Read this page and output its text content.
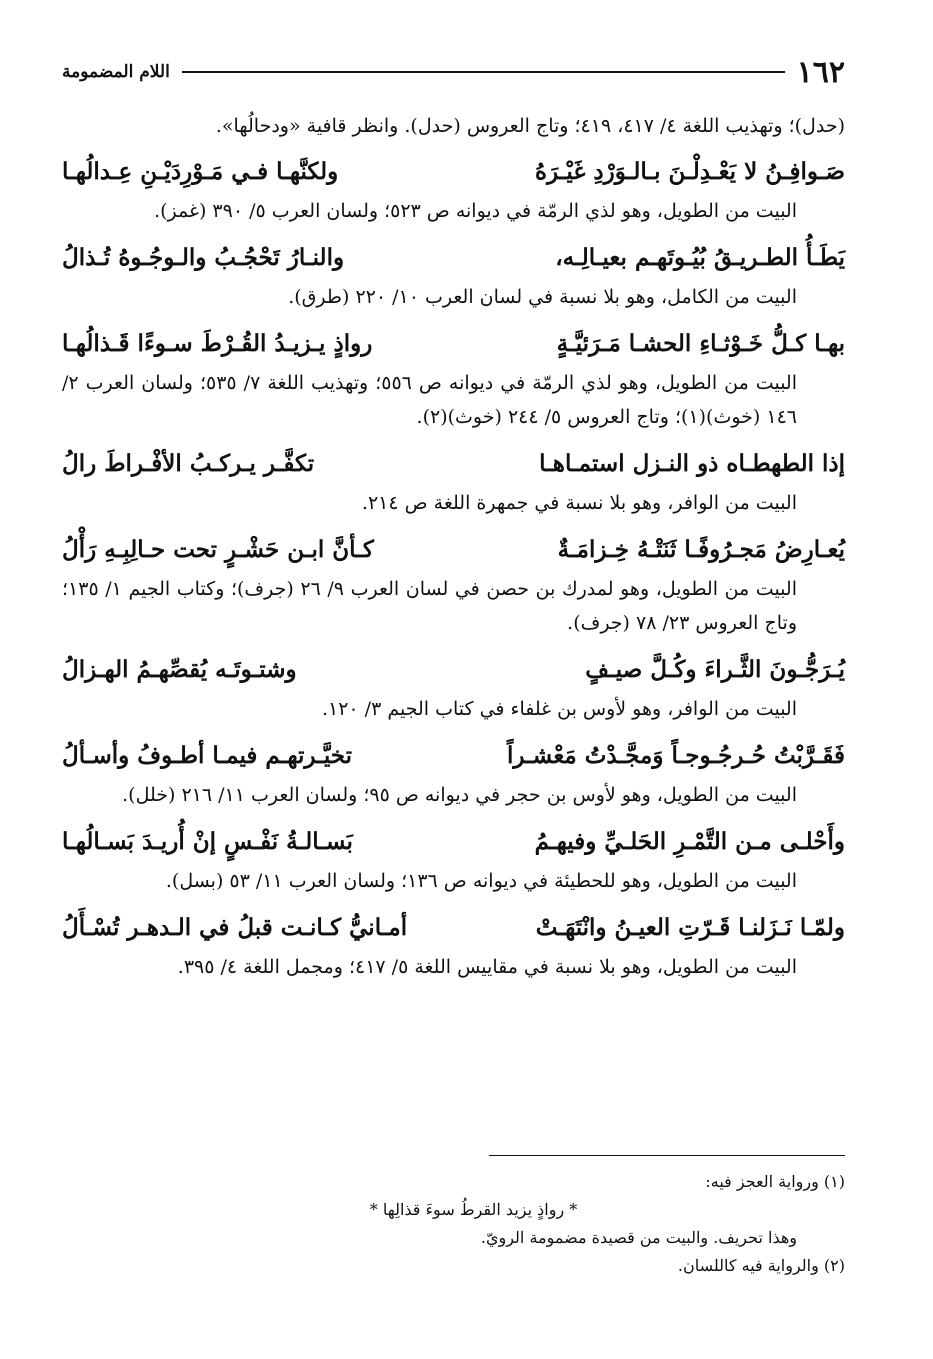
١٦٢
اللام المضمومة
(حدل)؛ وتهذيب اللغة ٤/ ٤١٧، ٤١٩؛ وتاج العروس (حدل). وانظر قافية «ودحالُها».
صَـوافِـنُ لا يَعْـدِلْـنَ بـالـوَرْدِ غَيْـرَهُ
ولكنَّهـا فـي مَـوْرِدَيْـنِ عِـدالُهـا
البيت من الطويل، وهو لذي الرمّة في ديوانه ص ٥٢٣؛ ولسان العرب ٥/ ٣٩٠ (غمز).
يَطَـأُ الطـريـقُ بُيُـوتَهـم بعيـالِـه،
والنـارُ تَحْجُـبُ والـوجُـوهُ تُـذالُ
البيت من الكامل، وهو بلا نسبة في لسان العرب ١٠/ ٢٢٠ (طرق).
بهـا كـلُّ خَـوْثـاءِ الحشـا مَـرَئيَّـةٍ
رواذٍ يـزيـدُ القُـرْطَ سـوءًا قَـذالُهـا
البيت من الطويل، وهو لذي الرمّة في ديوانه ص ٥٥٦؛ وتهذيب اللغة ٧/ ٥٣٥؛ ولسان العرب ٢/ ١٤٦ (خوث)(١)؛ وتاج العروس ٥/ ٢٤٤ (خوث)(٢).
إذا الطهطـاه ذو النـزل استمـاهـا
تكفَّـر يـركـبُ الأفْـراطَ رالُ
البيت من الوافر، وهو بلا نسبة في جمهرة اللغة ص ٢١٤.
يُعـارِضُ مَجـرُوفًـا ثَنَتْـهُ خِـزامَـةٌ
كـأنَّ ابـن حَشْـرٍ تحت حـالِبِـهِ رَأْلُ
البيت من الطويل، وهو لمدرك بن حصن في لسان العرب ٩/ ٢٦ (جرف)؛ وكتاب الجيم ١/ ١٣٥؛ وتاج العروس ٢٣/ ٧٨ (جرف).
يُـرَجُّـونَ الثَّـراءَ وكُـلَّ صيـفٍ
وشتـوتَـه يُقصِّهـمُ الهـزالُ
البيت من الوافر، وهو لأوس بن غلفاء في كتاب الجيم ٣/ ١٢٠.
فَقَـرَّبْتُ حُـرجُـوجـاً وَمجَّـدْتُ مَعْشـراً
تخيَّـرتهـم فيمـا أطـوفُ وأسـألُ
البيت من الطويل، وهو لأوس بن حجر في ديوانه ص ٩٥؛ ولسان العرب ١١/ ٢١٦ (خلل).
وأَحْلـى مـن التَّمْـرِ الحَلـيِّ وفيهـمُ
بَسـالـةُ نَفْـسٍ إنْ أُريـدَ بَسـالُهـا
البيت من الطويل، وهو للحطيئة في ديوانه ص ١٣٦؛ ولسان العرب ١١/ ٥٣ (بسل).
ولمّـا نَـزَلنـا قَـرّتِ العيـنُ وانْتَهَـتْ
أمـانيُّ كـانـت قبلُ في الـدهـر تُسْـأَلُ
البيت من الطويل، وهو بلا نسبة في مقاييس اللغة ٥/ ٤١٧؛ ومجمل اللغة ٤/ ٣٩٥.
(١) ورواية العجز فيه:
* رواذٍ يزيد القرطُ سوءَ قذالِها *
وهذا تحريف. والبيت من قصيدة مضمومة الرويّ.
(٢) والرواية فيه كاللسان.
